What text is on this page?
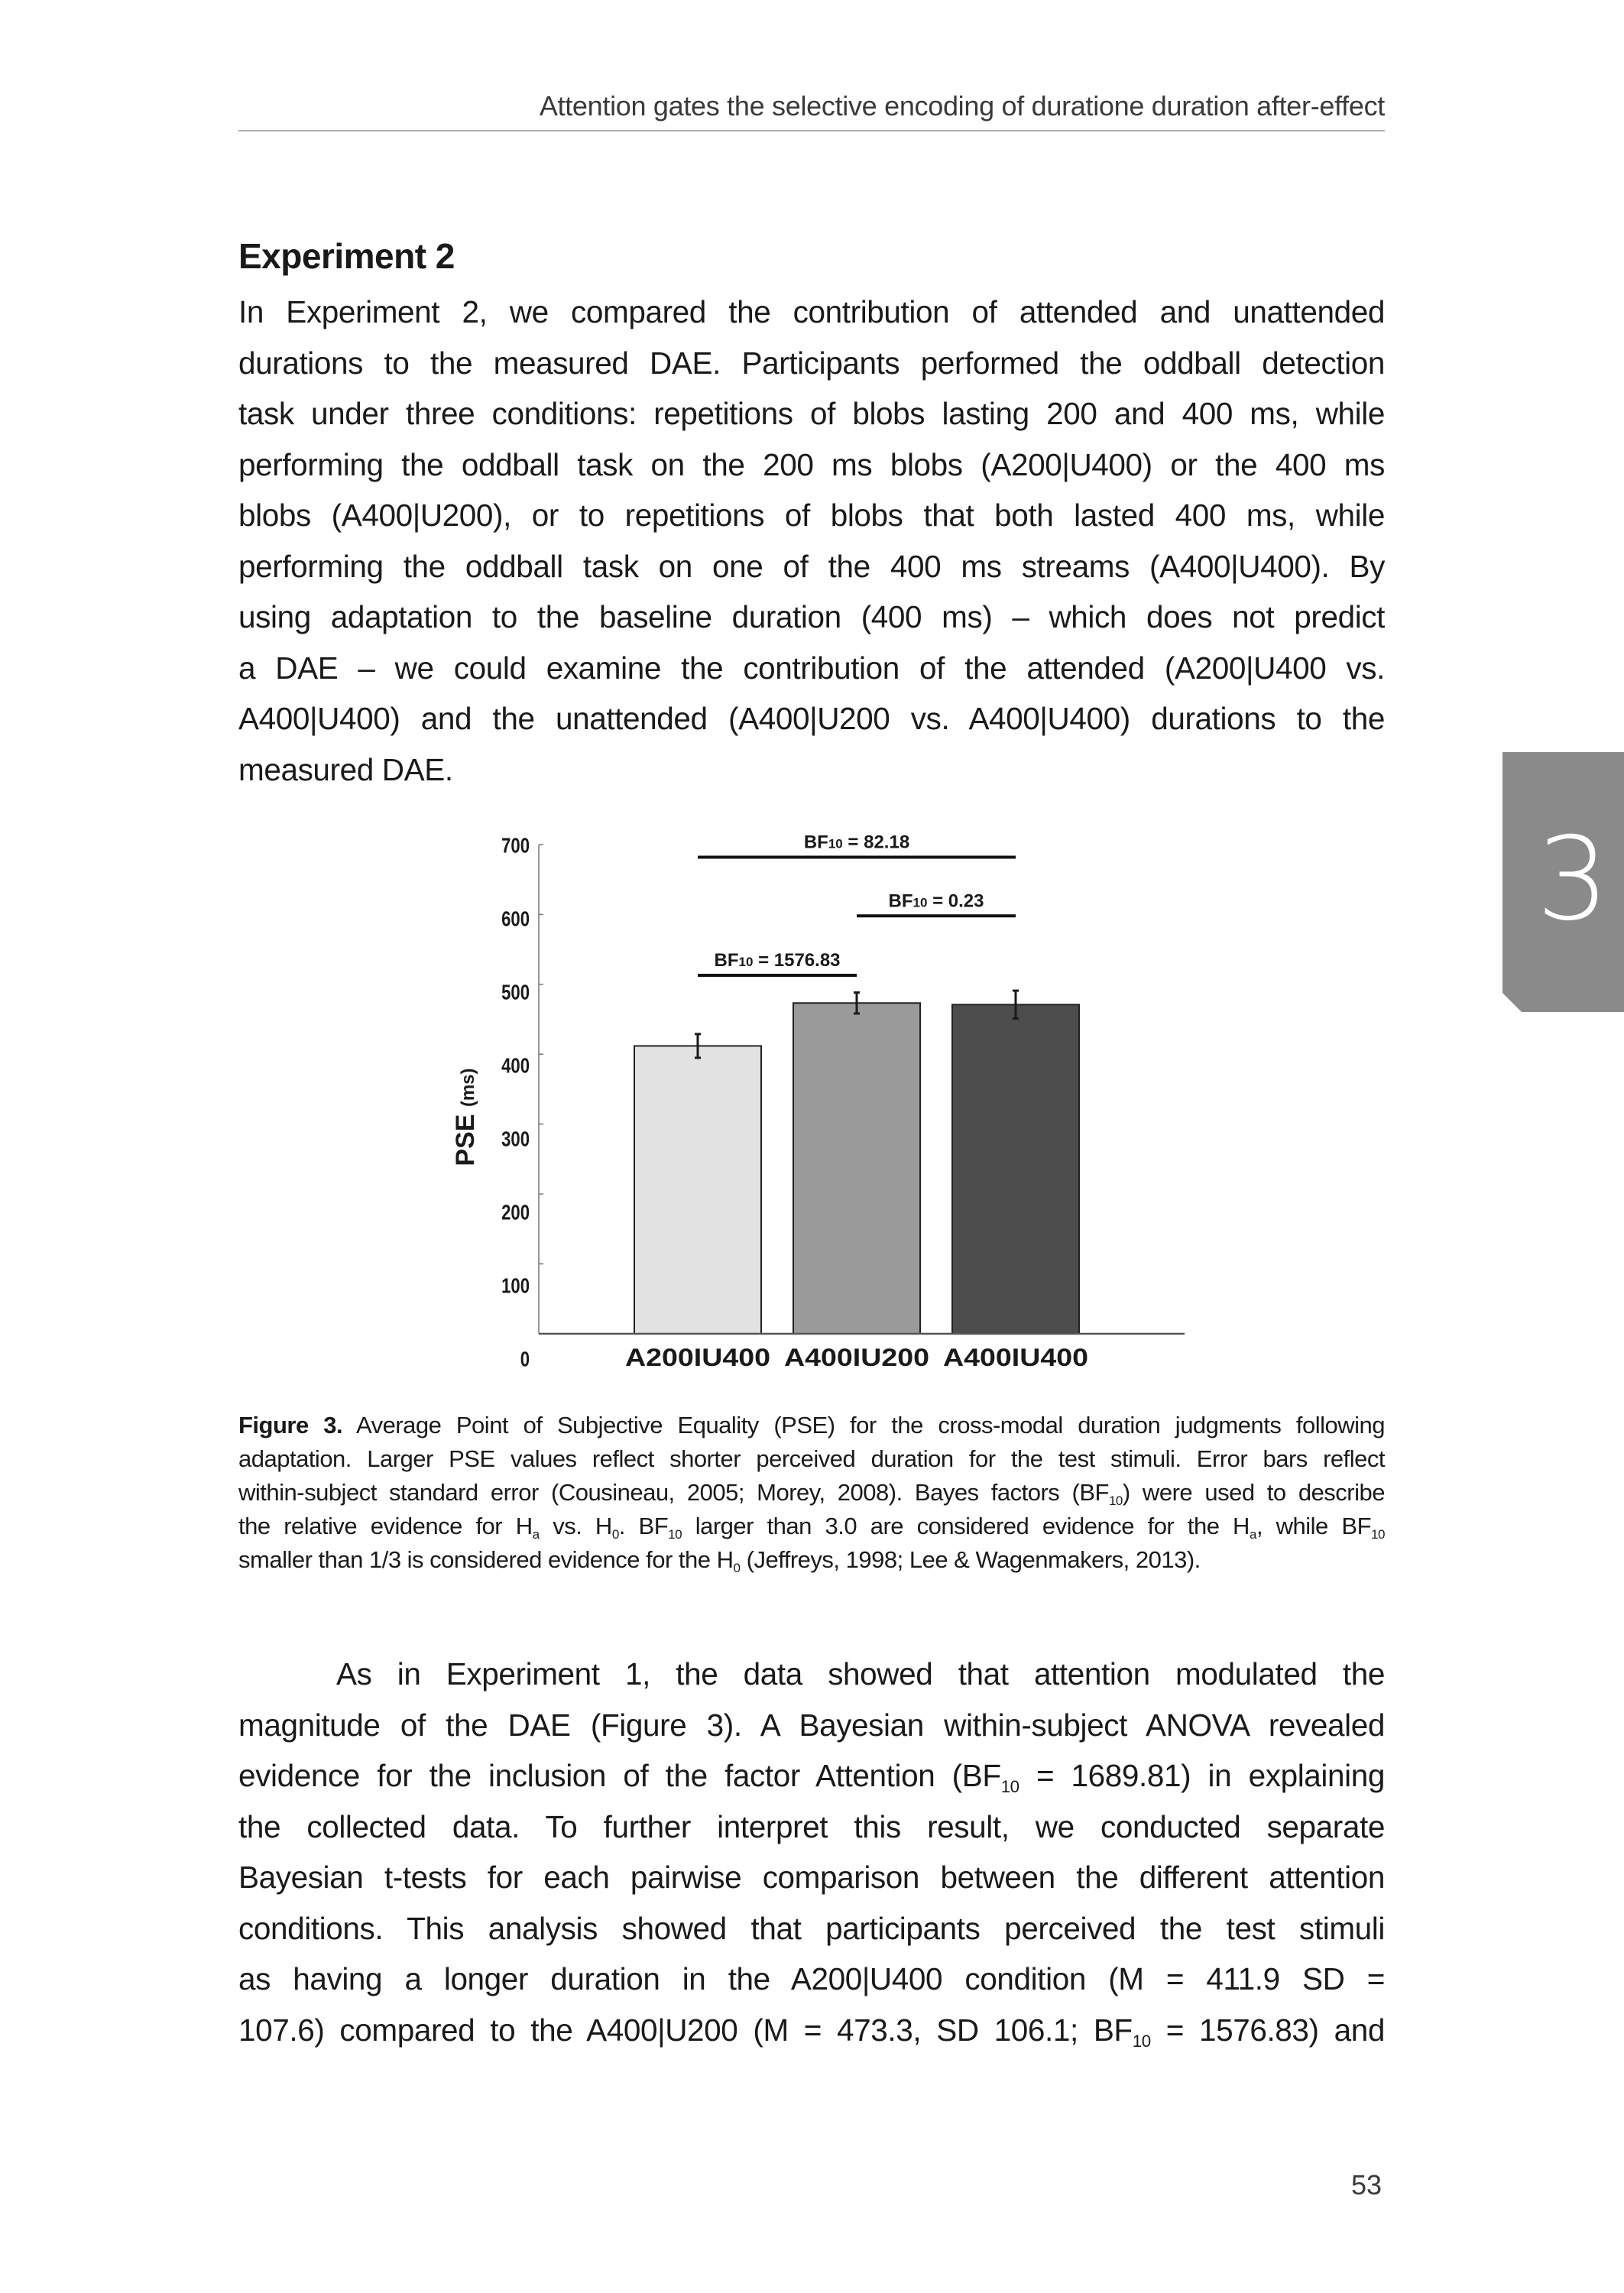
Attention gates the selective encoding of duratione duration after-effect
3
Experiment 2
In Experiment 2, we compared the contribution of attended and unattended
durations to the measured DAE. Participants performed the oddball detection
task under three conditions: repetitions of blobs lasting 200 and 400 ms, while
performing the oddball task on the 200 ms blobs (A200|U400) or the 400 ms
blobs (A400|U200), or to repetitions of blobs that both lasted 400 ms, while
performing the oddball task on one of the 400 ms streams (A400|U400). By
using adaptation to the baseline duration (400 ms) – which does not predict
a DAE – we could examine the contribution of the attended (A200|U400 vs.
A400|U400) and the unattended (A400|U200 vs. A400|U400) durations to the
measured DAE.
0
100
200
300
400
500
600
700
PSE (ms)
A200IU400 A400IU200 A400IU400
BF10 = 82.18
BF10 = 0.23
BF10 = 1576.83
Figure 3. Average Point of Subjective Equality (PSE) for the cross-modal duration judgments following
adaptation. Larger PSE values reflect shorter perceived duration for the test stimuli. Error bars reflect
within-subject standard error (Cousineau, 2005; Morey, 2008). Bayes factors $(BF_{10})$ were used to describe
the relative evidence for $H_a$ vs. $H_0$. $BF_{10}$ larger than 3.0 are considered evidence for the $H_a$, while $BF_{10}$
smaller than 1/3 is considered evidence for the $H_0$ (Jeffreys, 1998; Lee & Wagenmakers, 2013).
As in Experiment 1, the data showed that attention modulated the
magnitude of the DAE (Figure 3). A Bayesian within-subject ANOVA revealed
evidence for the inclusion of the factor Attention $(BF_{10} = 1689.81)$ in explaining
the collected data. To further interpret this result, we conducted separate
Bayesian t-tests for each pairwise comparison between the different attention
conditions. This analysis showed that participants perceived the test stimuli
as having a longer duration in the A200|U400 condition (M = 411.9 SD =
107.6) compared to the A400|U200 (M = 473.3, SD 106.1; $BF_{10} = 1576.83$) and
53
